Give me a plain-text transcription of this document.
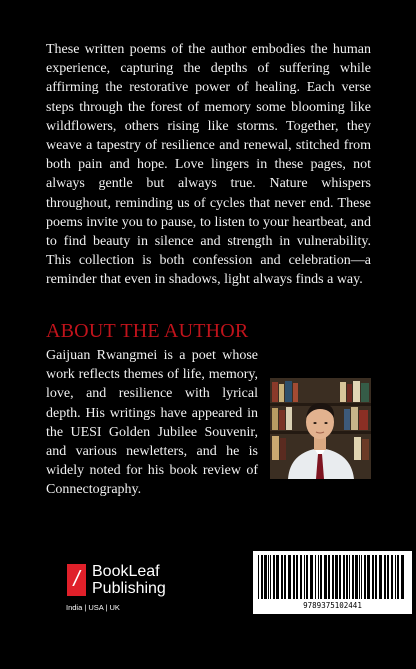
These written poems of the author embodies the human experience, capturing the depths of suffering while affirming the restorative power of healing. Each verse steps through the forest of memory some blooming like wildflowers, others rising like storms. Together, they weave a tapestry of resilience and renewal, stitched from both pain and hope. Love lingers in these pages, not always gentle but always true. Nature whispers throughout, reminding us of cycles that never end. These poems invite you to pause, to listen to your heartbeat, and to find beauty in silence and strength in vulnerability. This collection is both confession and celebration—a reminder that even in shadows, light always finds a way.
ABOUT THE AUTHOR
Gaijuan Rwangmei is a poet whose work reflects themes of life, memory, love, and resilience with lyrical depth. His writings have appeared in the UESI Golden Jubilee Souvenir, and various newletters, and he is widely noted for his book review of Connectography.
/ BookLeaf
Publishing
India | USA | UK	9789375102441
